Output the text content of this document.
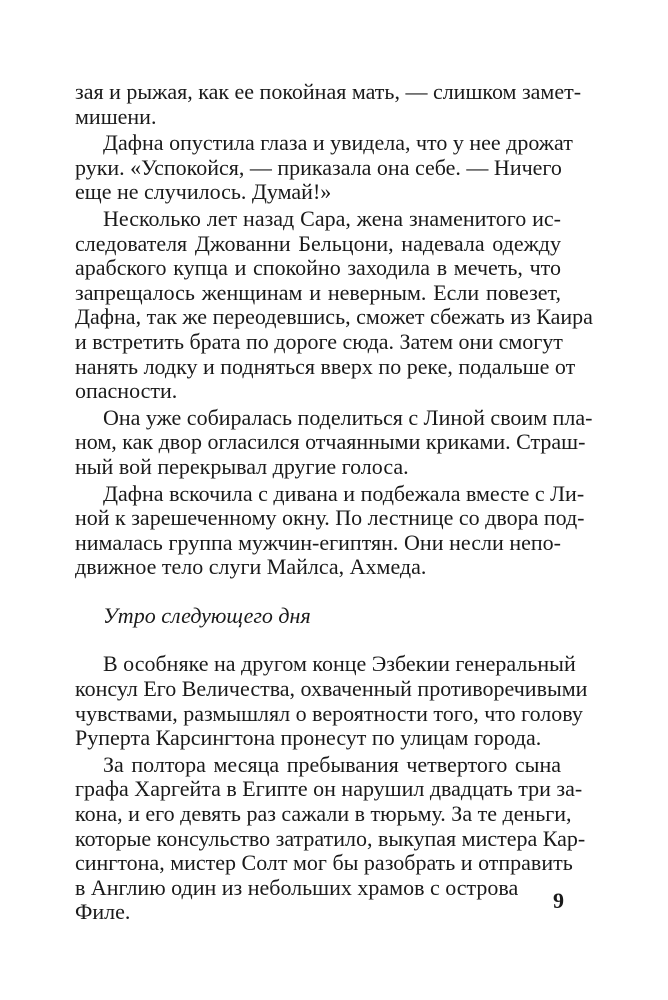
зая и рыжая, как ее покойная мать, — слишком замет-
мишени.
Дафна опустила глаза и увидела, что у нее дрожат
руки. «Успокойся, — приказала она себе. — Ничего
еще не случилось. Думай!»
Несколько лет назад Сара, жена знаменитого ис-
следователя Джованни Бельцони, надевала одежду
арабского купца и спокойно заходила в мечеть, что
запрещалось женщинам и неверным. Если повезет,
Дафна, так же переодевшись, сможет сбежать из Каира
и встретить брата по дороге сюда. Затем они смогут
нанять лодку и подняться вверх по реке, подальше от
опасности.
Она уже собиралась поделиться с Линой своим пла-
ном, как двор огласился отчаянными криками. Страш-
ный вой перекрывал другие голоса.
Дафна вскочила с дивана и подбежала вместе с Ли-
ной к зарешеченному окну. По лестнице со двора под-
нималась группа мужчин-египтян. Они несли непо-
движное тело слуги Майлса, Ахмеда.
Утро следующего дня
В особняке на другом конце Эзбекии генеральный
консул Его Величества, охваченный противоречивыми
чувствами, размышлял о вероятности того, что голову
Руперта Карсингтона пронесут по улицам города.
За полтора месяца пребывания четвертого сына
графа Харгейта в Египте он нарушил двадцать три за-
кона, и его девять раз сажали в тюрьму. За те деньги,
которые консульство затратило, выкупая мистера Кар-
сингтона, мистер Солт мог бы разобрать и отправить
в Англию один из небольших храмов с острова
Филе.	9
